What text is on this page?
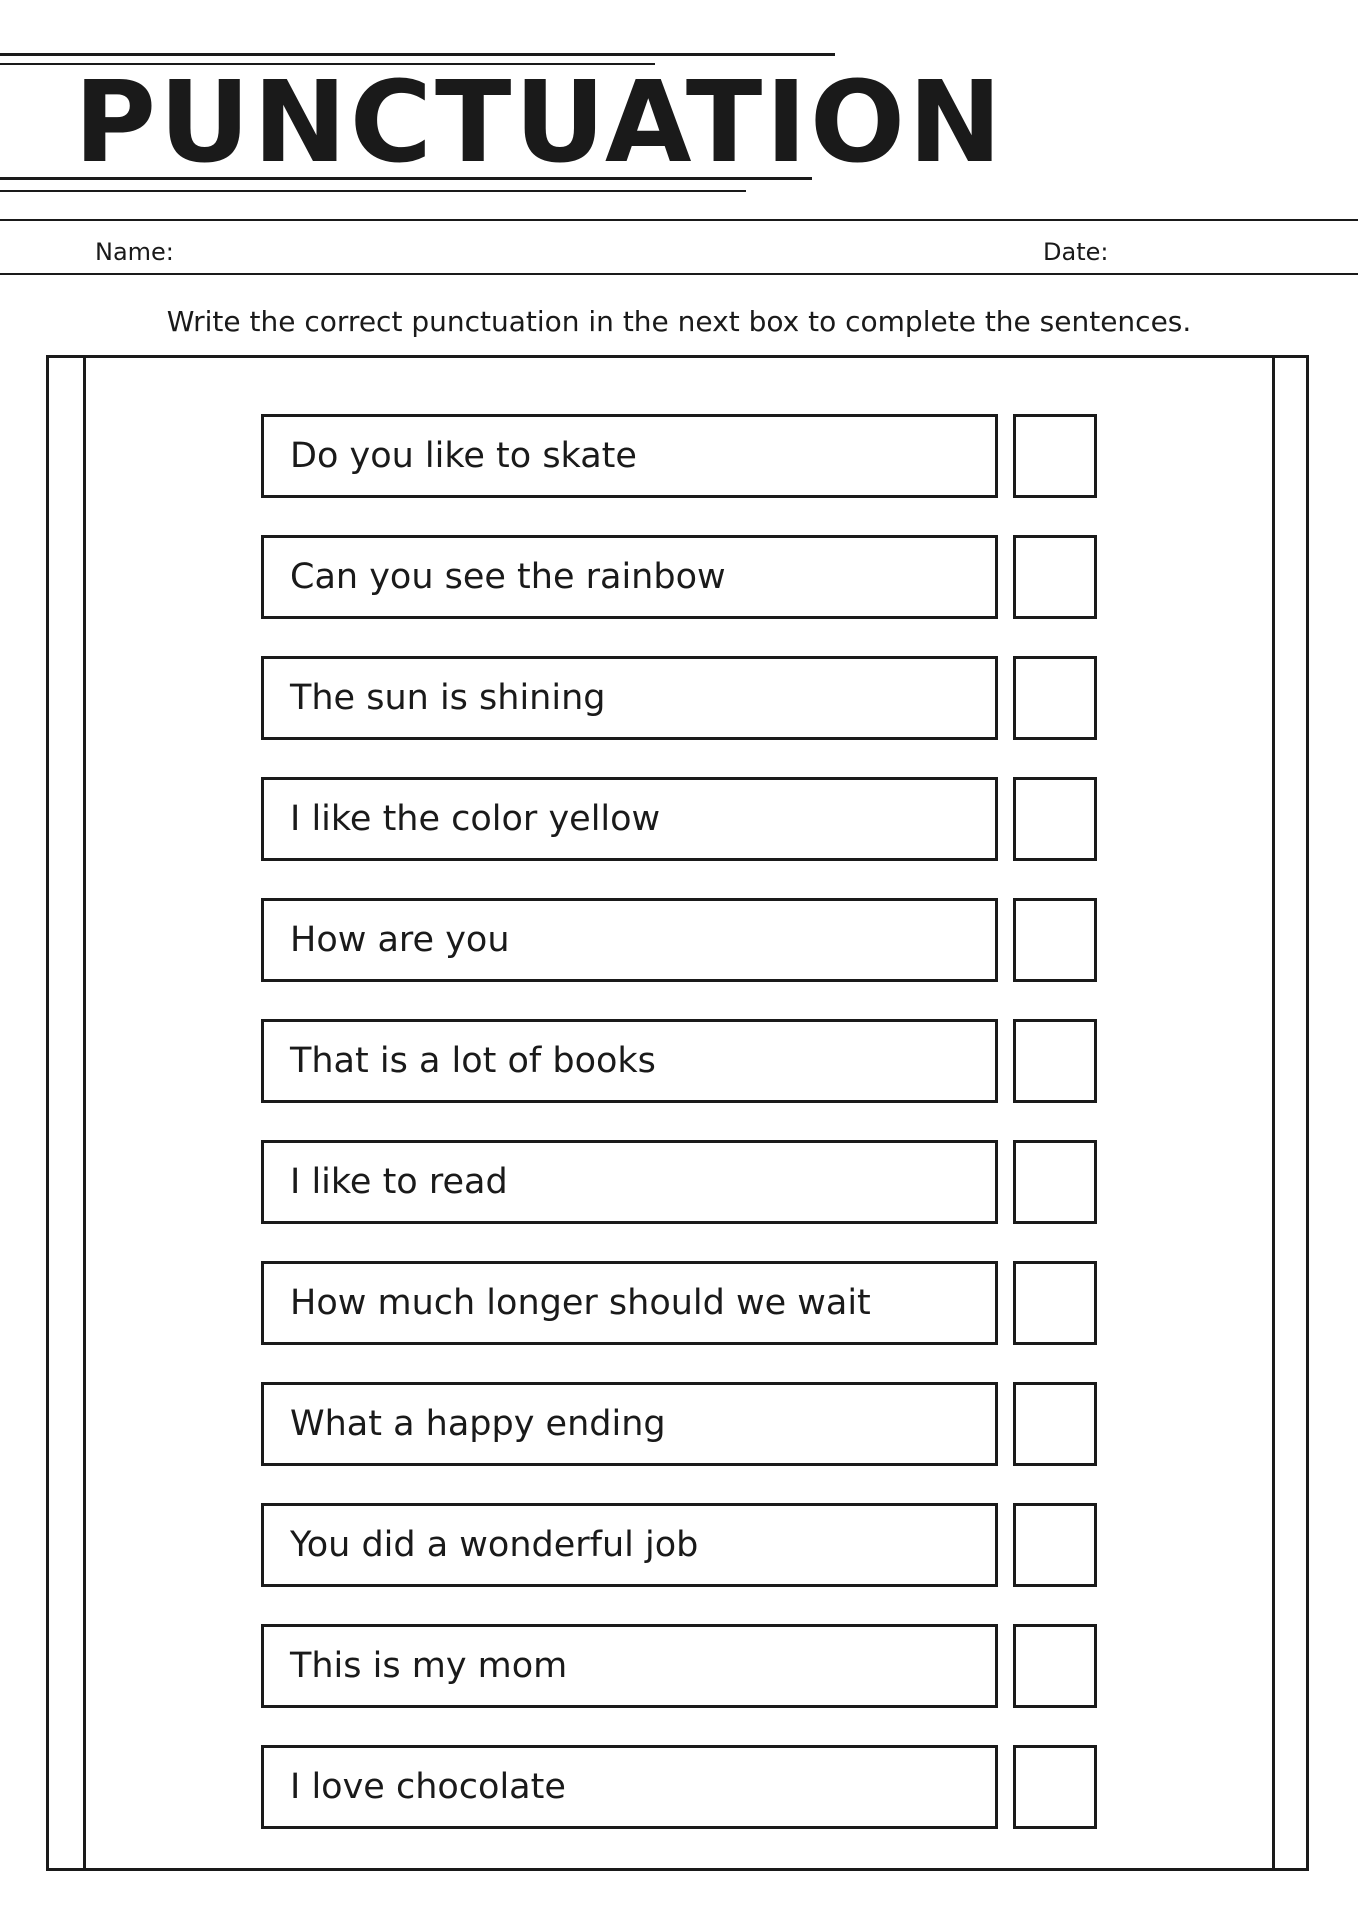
PUNCTUATION
Name:	Date:
Write the correct punctuation in the next box to complete the sentences.
Do you like to skate
Can you see the rainbow
The sun is shining
I like the color yellow
How are you
That is a lot of books
I like to read
How much longer should we wait
What a happy ending
You did a wonderful job
This is my mom
I love chocolate
